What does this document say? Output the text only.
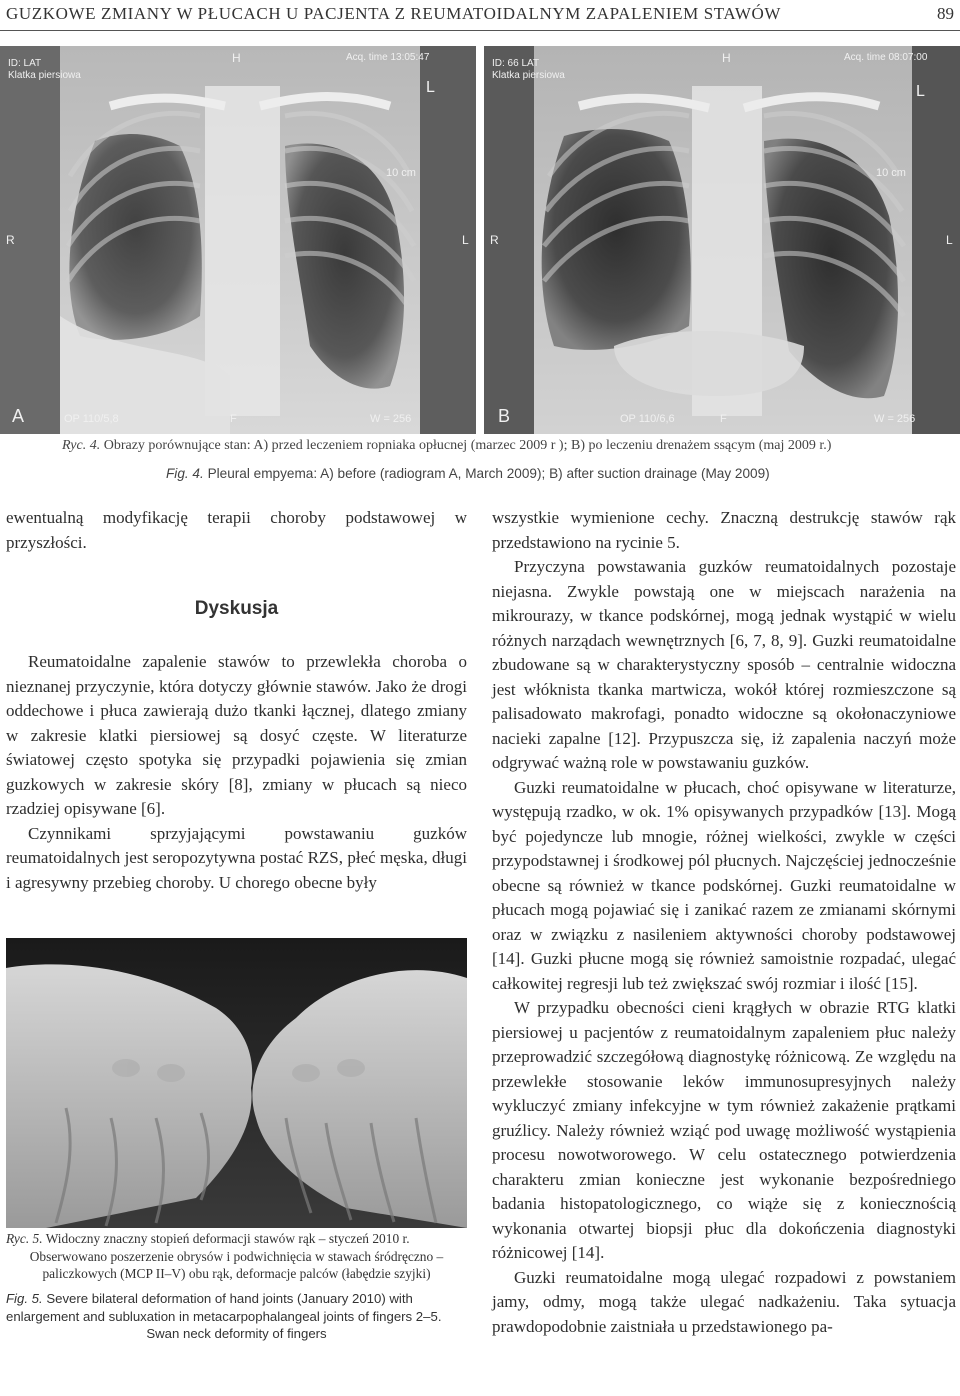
GUZKOWE ZMIANY W PŁUCACH U PACJENTA Z REUMATOIDALNYM ZAPALENIEM STAWÓW	89
ID: LAT
Klatka piersiowa
Acq. time 13:05:47
H
L
10 cm
R	L
OP 110/5,8	F	W = 256
A
ID: 66 LAT
Klatka piersiowa
Acq. time 08:07:00
H
L
10 cm
R	L
OP 110/6,6	F	W = 256
B
Ryc. 4. Obrazy porównujące stan: A) przed leczeniem ropniaka opłucnej (marzec 2009 r ); B) po leczeniu drenażem ssącym (maj 2009 r.)
Fig. 4. Pleural empyema: A) before (radiogram A, March 2009); B) after suction drainage (May 2009)

ewentualną modyfikację terapii choroby podstawowej w przyszłości.

Dyskusja

Reumatoidalne zapalenie stawów to przewlekła choroba o nieznanej przyczynie, która dotyczy głównie stawów. Jako że drogi oddechowe i płuca zawierają dużo tkanki łącznej, dlatego zmiany w zakresie klatki piersiowej są dosyć częste. W literaturze światowej często spotyka się przypadki pojawienia się zmian guzkowych w zakresie skóry [8], zmiany w płucach są nieco rzadziej opisywane [6].

Czynnikami sprzyjającymi powstawaniu guzków reumatoidalnych jest seropozytywna postać RZS, płeć męska, długi i agresywny przebieg choroby. U chorego obecne były

Ryc. 5. Widoczny znaczny stopień deformacji stawów rąk – styczeń 2010 r.
Obserwowano poszerzenie obrysów i podwichnięcia w stawach śródręczno –
paliczkowych (MCP II–V) obu rąk, deformacje palców (łabędzie szyjki)
Fig. 5. Severe bilateral deformation of hand joints (January 2010) with enlargement and subluxation in metacarpophalangeal joints of fingers 2–5.
Swan neck deformity of fingers

wszystkie wymienione cechy. Znaczną destrukcję stawów rąk przedstawiono na rycinie 5.

Przyczyna powstawania guzków reumatoidalnych pozostaje niejasna. Zwykle powstają one w miejscach narażenia na mikrourazy, w tkance podskórnej, mogą jednak wystąpić w wielu różnych narządach wewnętrznych [6, 7, 8, 9]. Guzki reumatoidalne zbudowane są w charakterystyczny sposób – centralnie widoczna jest włóknista tkanka martwicza, wokół której rozmieszczone są palisadowato makrofagi, ponadto widoczne są okołonaczyniowe nacieki zapalne [12]. Przypuszcza się, iż zapalenia naczyń może odgrywać ważną role w powstawaniu guzków.

Guzki reumatoidalne w płucach, choć opisywane w literaturze, występują rzadko, w ok. 1% opisywanych przypadków [13]. Mogą być pojedyncze lub mnogie, różnej wielkości, zwykle w części przypodstawnej i środkowej pól płucnych. Najczęściej jednocześnie obecne są również w tkance podskórnej. Guzki reumatoidalne w płucach mogą pojawiać się i zanikać razem ze zmianami skórnymi oraz w związku z nasileniem aktywności choroby podstawowej [14]. Guzki płucne mogą się również samoistnie rozpadać, ulegać całkowitej regresji lub też zwiększać swój rozmiar i ilość [15].

W przypadku obecności cieni krągłych w obrazie RTG klatki piersiowej u pacjentów z reumatoidalnym zapaleniem płuc należy przeprowadzić szczegółową diagnostykę różnicową. Ze względu na przewlekłe stosowanie leków immunosupresyjnych należy wykluczyć zmiany infekcyjne w tym również zakażenie prątkami gruźlicy. Należy również wziąć pod uwagę możliwość wystąpienia procesu nowotworowego. W celu ostatecznego potwierdzenia charakteru zmian konieczne jest wykonanie bezpośredniego badania histopatologicznego, co wiąże się z koniecznością wykonania otwartej biopsji płuc dla dokończenia diagnostyki różnicowej [14].

Guzki reumatoidalne mogą ulegać rozpadowi z powstaniem jamy, odmy, mogą także ulegać nadkażeniu. Taka sytuacja prawdopodobnie zaistniała u przedstawionego pa-
